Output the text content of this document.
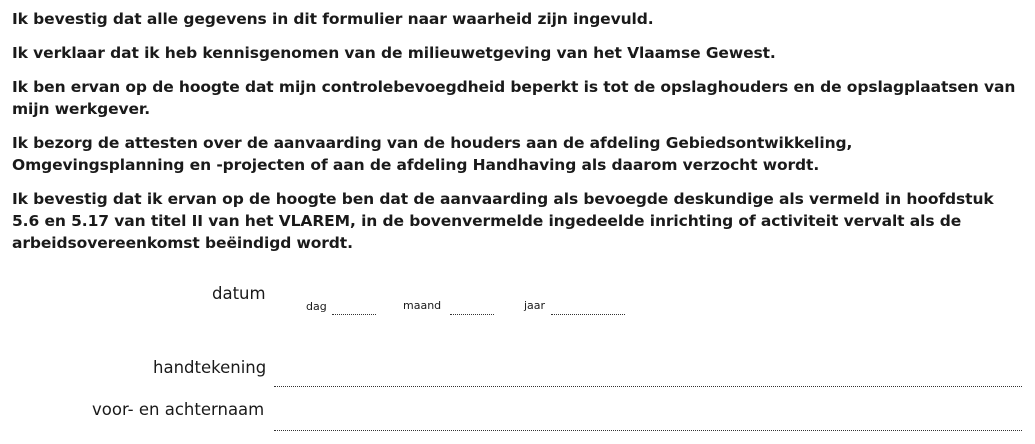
Ik bevestig dat alle gegevens in dit formulier naar waarheid zijn ingevuld.

Ik verklaar dat ik heb kennisgenomen van de milieuwetgeving van het Vlaamse Gewest.

Ik ben ervan op de hoogte dat mijn controlebevoegdheid beperkt is tot de opslaghouders en de opslagplaatsen van mijn werkgever.

Ik bezorg de attesten over de aanvaarding van de houders aan de afdeling Gebiedsontwikkeling, Omgevingsplanning en -projecten of aan de afdeling Handhaving als daarom verzocht wordt.

Ik bevestig dat ik ervan op de hoogte ben dat de aanvaarding als bevoegde deskundige als vermeld in hoofdstuk 5.6 en 5.17 van titel II van het VLAREM, in de bovenvermelde ingedeelde inrichting of activiteit vervalt als de arbeidsovereenkomst beëindigd wordt.

datum
dag	maand	jaar
handtekening
voor- en achternaam
